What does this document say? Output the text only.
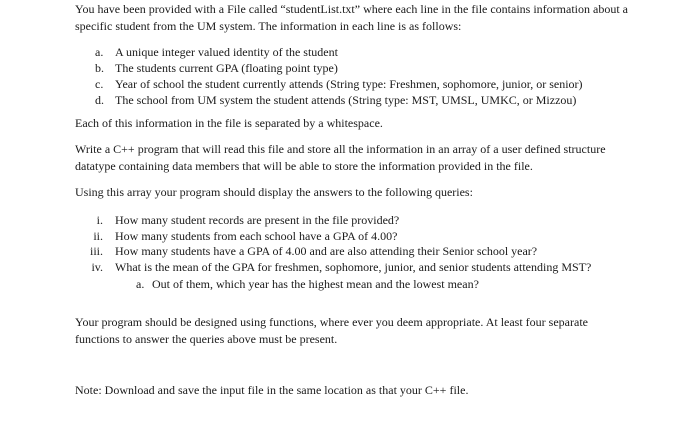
You have been provided with a File called “studentList.txt” where each line in the file contains information about a specific student from the UM system. The information in each line is as follows:

a. A unique integer valued identity of the student
b. The students current GPA (floating point type)
c. Year of school the student currently attends (String type: Freshmen, sophomore, junior, or senior)
d. The school from UM system the student attends (String type: MST, UMSL, UMKC, or Mizzou)

Each of this information in the file is separated by a whitespace.

Write a C++ program that will read this file and store all the information in an array of a user defined structure datatype containing data members that will be able to store the information provided in the file.

Using this array your program should display the answers to the following queries:

i. How many student records are present in the file provided?
ii. How many students from each school have a GPA of 4.00?
iii. How many students have a GPA of 4.00 and are also attending their Senior school year?
iv. What is the mean of the GPA for freshmen, sophomore, junior, and senior students attending MST?
a. Out of them, which year has the highest mean and the lowest mean?

Your program should be designed using functions, where ever you deem appropriate. At least four separate functions to answer the queries above must be present.

Note: Download and save the input file in the same location as that your C++ file.
